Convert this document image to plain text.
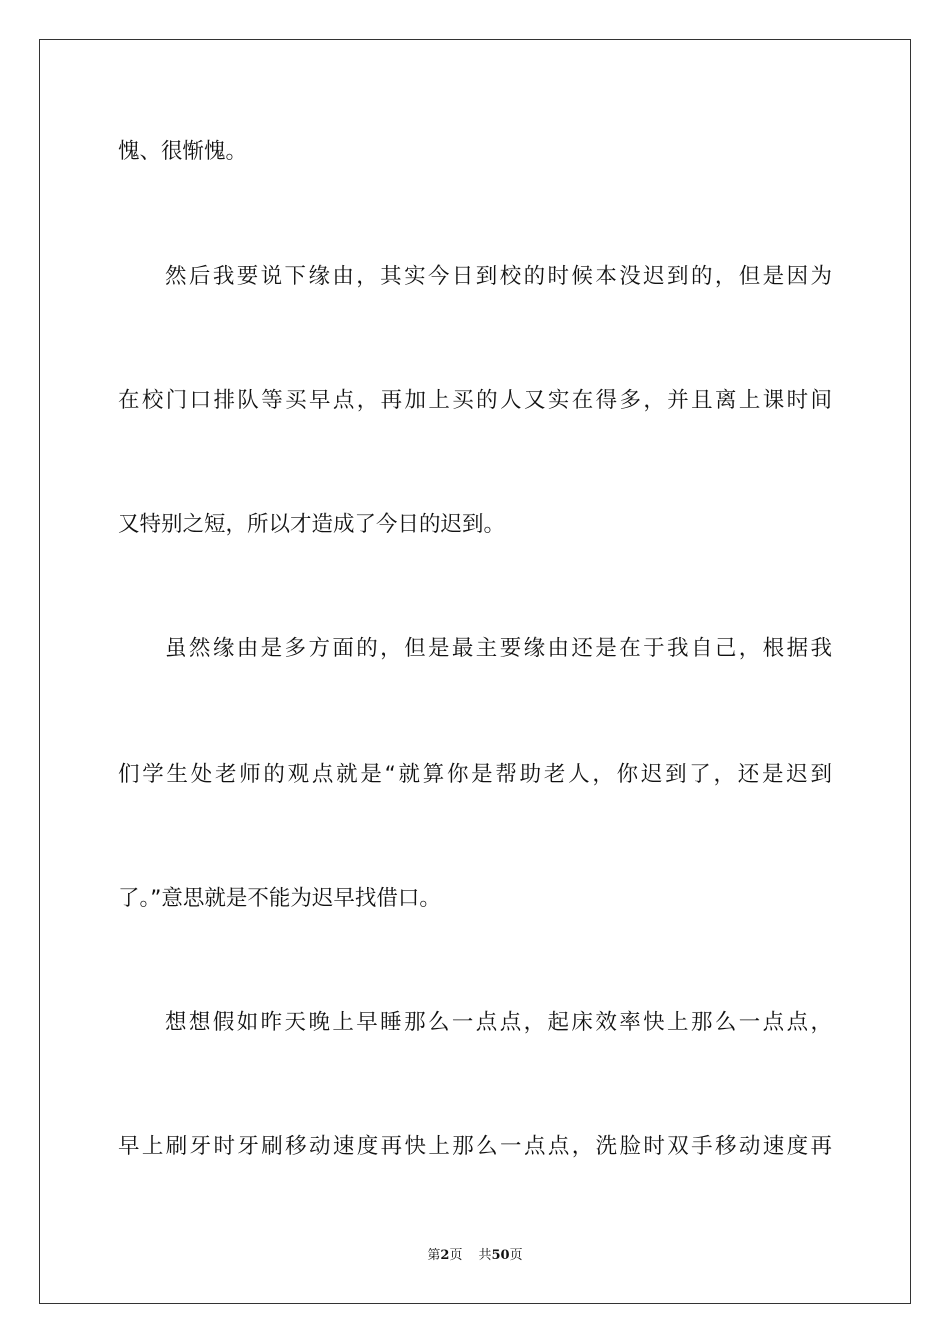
愧、很惭愧。
然后我要说下缘由，其实今日到校的时候本没迟到的，但是因为
在校门口排队等买早点，再加上买的人又实在得多，并且离上课时间
又特别之短，所以才造成了今日的迟到。
虽然缘由是多方面的，但是最主要缘由还是在于我自己，根据我
们学生处老师的观点就是“就算你是帮助老人，你迟到了，还是迟到
了。”意思就是不能为迟早找借口。
想想假如昨天晚上早睡那么一点点，起床效率快上那么一点点，
早上刷牙时牙刷移动速度再快上那么一点点，洗脸时双手移动速度再
第2页 共50页
